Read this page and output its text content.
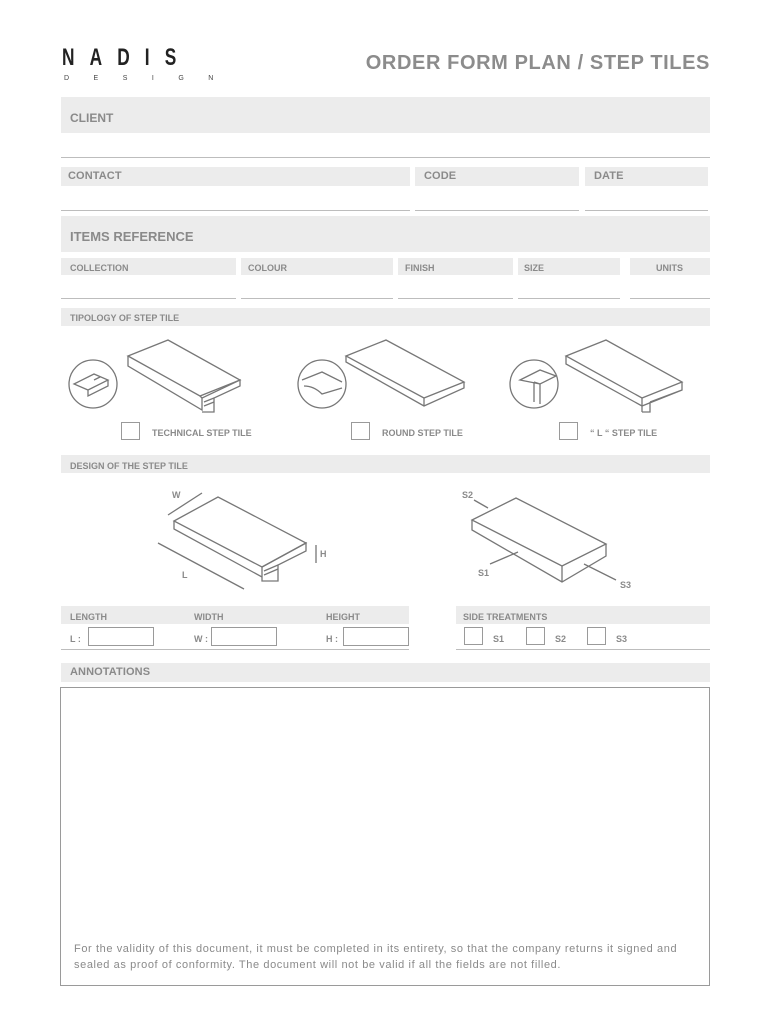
NADIS
DESIGN
ORDER FORM PLAN / STEP TILES
CLIENT
CONTACT	CODE	DATE
ITEMS REFERENCE
COLLECTION	COLOUR	FINISH	SIZE	UNITS
TIPOLOGY OF STEP TILE
TECHNICAL STEP TILE	ROUND STEP TILE	“ L “ STEP TILE
DESIGN OF THE STEP TILE
W
L
H
S2
S1
S3
LENGTH	WIDTH	HEIGHT
L :	W :	H :
SIDE TREATMENTS
S1	S2	S3
ANNOTATIONS
For the validity of this document, it must be completed in its entirety, so that the company returns it signed and sealed as proof of conformity. The document will not be valid if all the fields are not filled.
